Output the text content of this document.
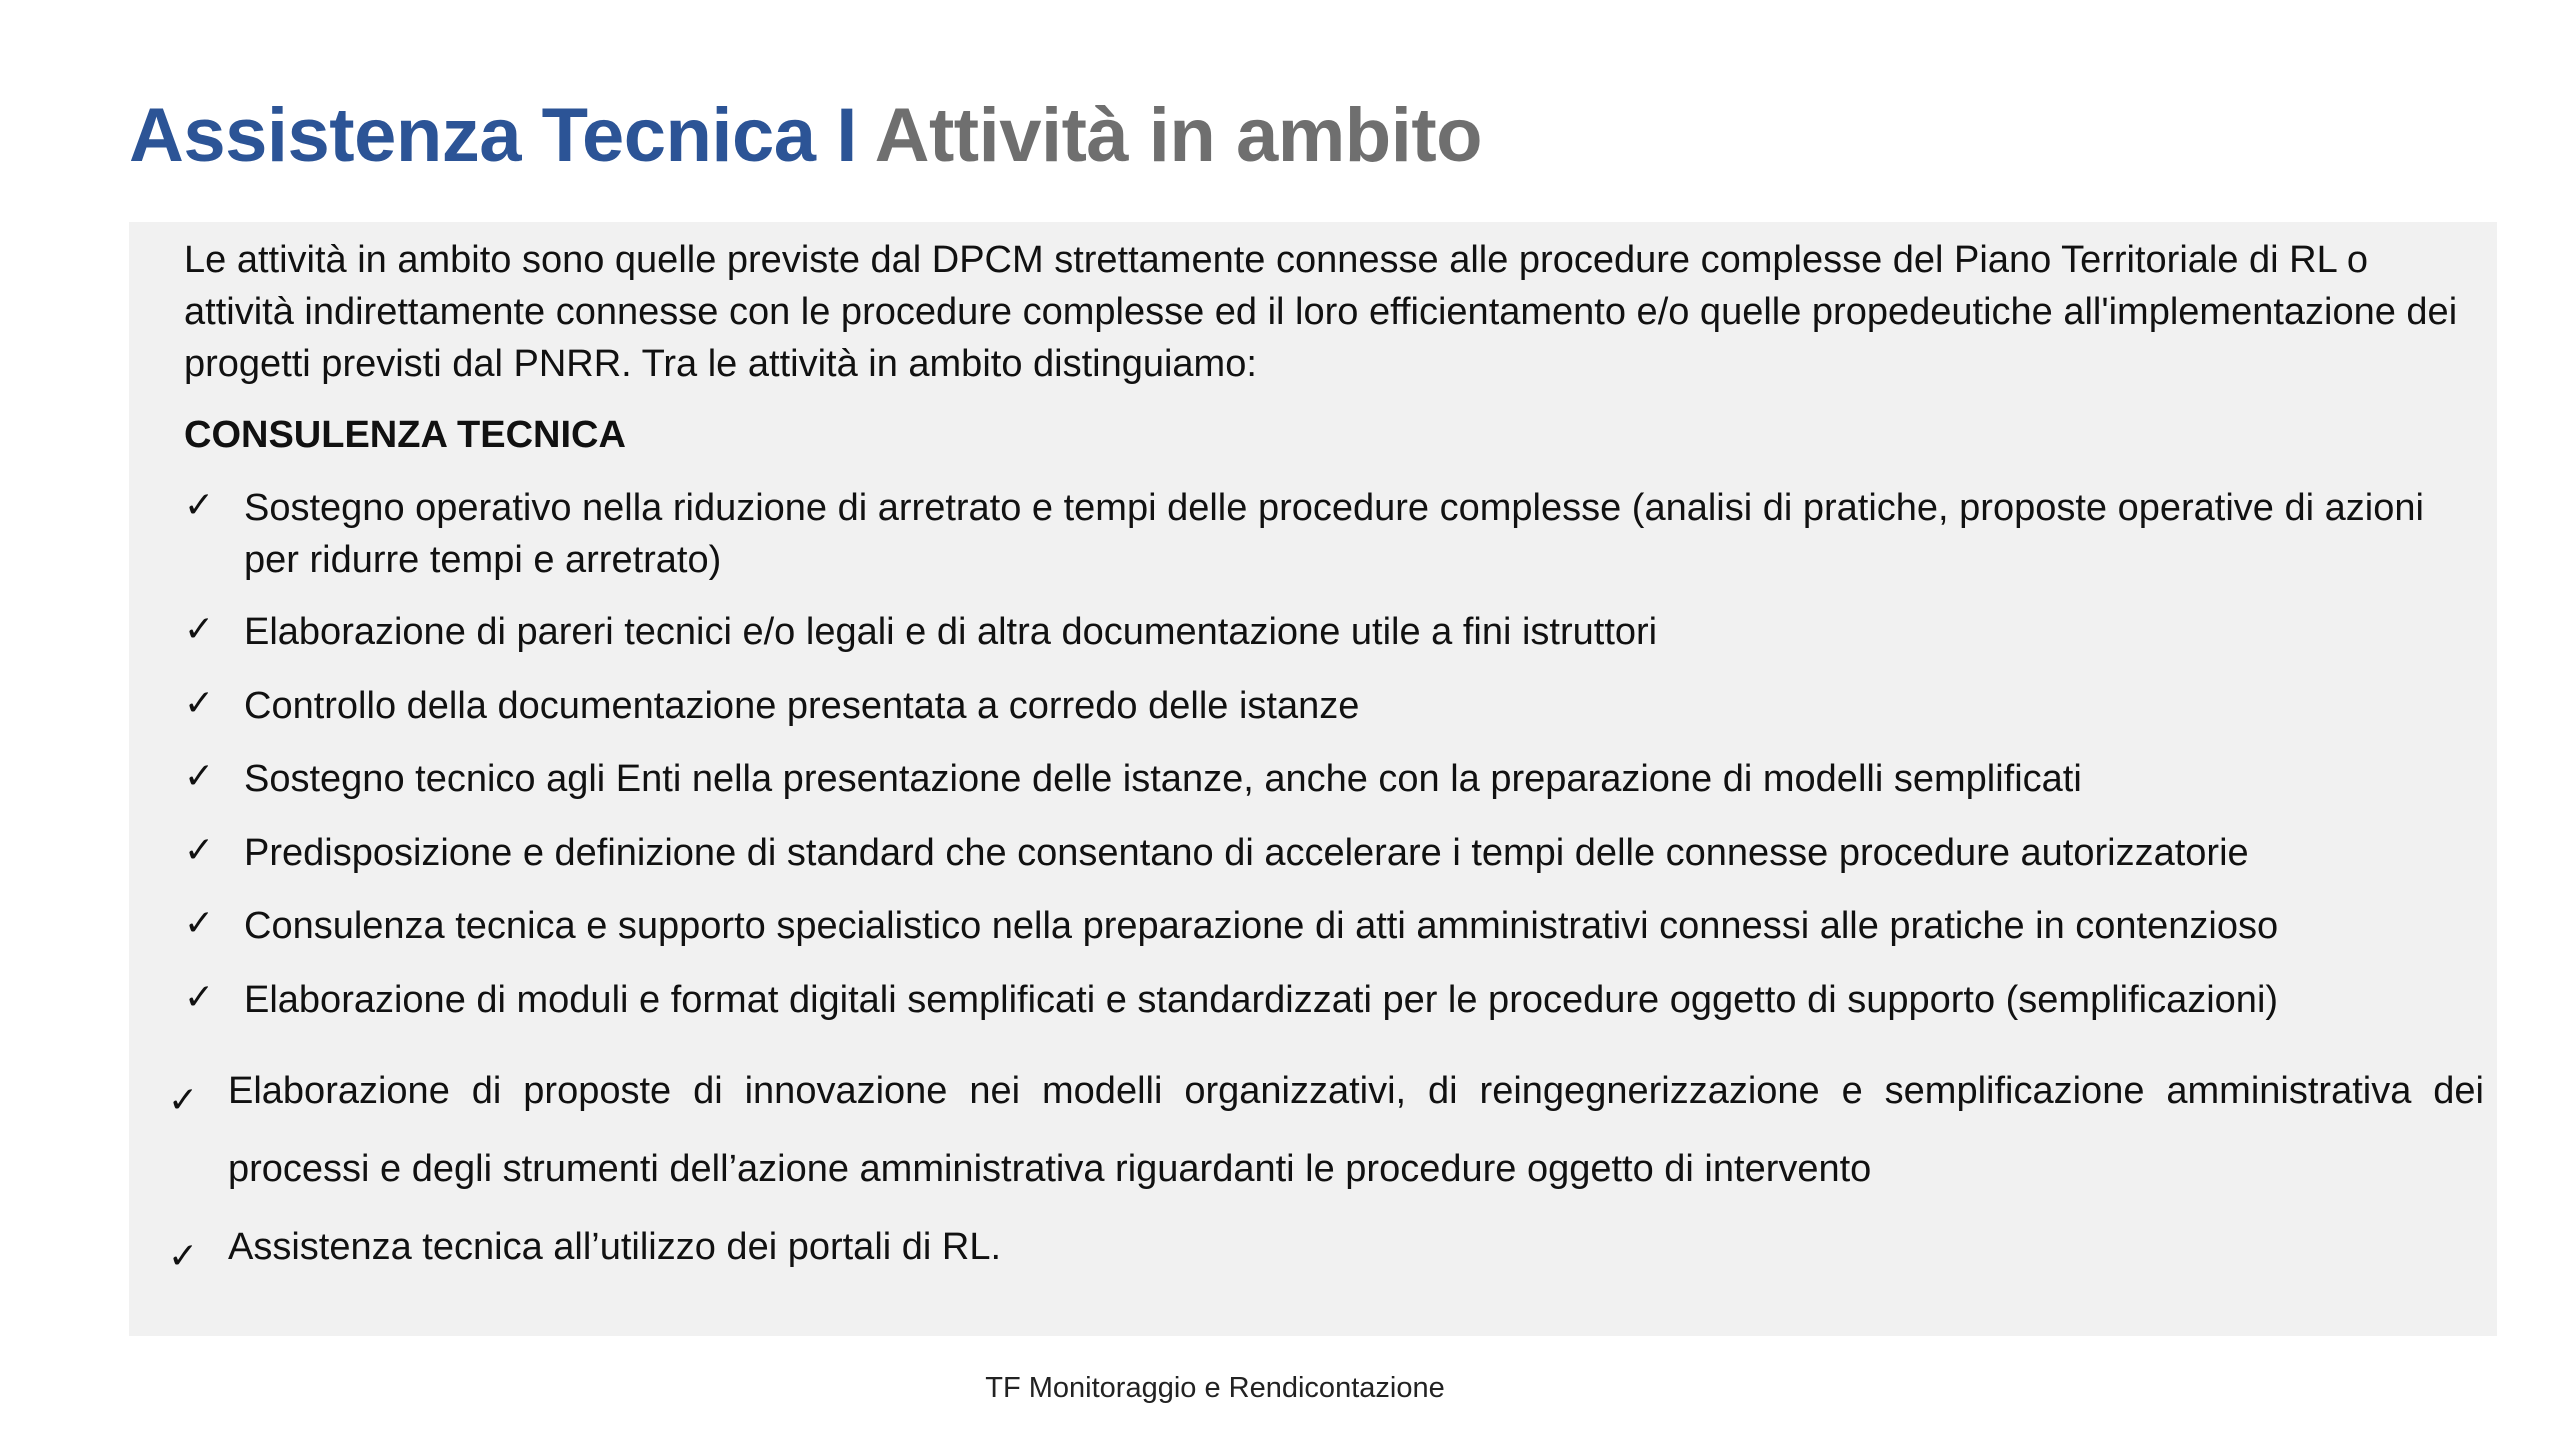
Assistenza Tecnica I Attività in ambito
Le attività in ambito sono quelle previste dal DPCM strettamente connesse alle procedure complesse del Piano Territoriale di RL o attività indirettamente connesse con le procedure complesse ed il loro efficientamento e/o quelle propedeutiche all'implementazione dei progetti previsti dal PNRR. Tra le attività in ambito distinguiamo:
CONSULENZA TECNICA
✓ Sostegno operativo nella riduzione di arretrato e tempi delle procedure complesse (analisi di pratiche, proposte operative di azioni per ridurre tempi e arretrato)
✓ Elaborazione di pareri tecnici e/o legali e di altra documentazione utile a fini istruttori
✓ Controllo della documentazione presentata a corredo delle istanze
✓ Sostegno tecnico agli Enti nella presentazione delle istanze, anche con la preparazione di modelli semplificati
✓ Predisposizione e definizione di standard che consentano di accelerare i tempi delle connesse procedure autorizzatorie
✓ Consulenza tecnica e supporto specialistico nella preparazione di atti amministrativi connessi alle pratiche in contenzioso
✓ Elaborazione di moduli e format digitali semplificati e standardizzati per le procedure oggetto di supporto (semplificazioni)
✓ Elaborazione di proposte di innovazione nei modelli organizzativi, di reingegnerizzazione e semplificazione amministrativa dei processi e degli strumenti dell’azione amministrativa riguardanti le procedure oggetto di intervento
✓ Assistenza tecnica all’utilizzo dei portali di RL.
TF Monitoraggio e Rendicontazione
